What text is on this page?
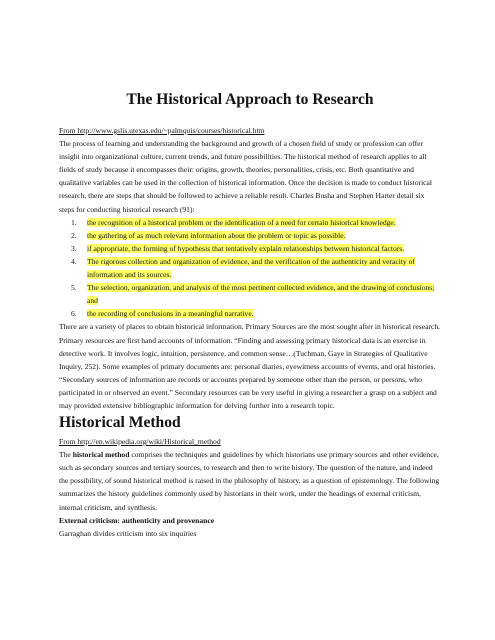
The Historical Approach to Research

From http://www.gslis.utexas.edu/~palmquis/courses/historical.htm

The process of learning and understanding the background and growth of a chosen field of study or profession can offer insight into organizational culture, current trends, and future possibilities. The historical method of research applies to all fields of study because it encompasses their: origins, growth, theories, personalities, crisis, etc. Both quantitative and qualitative variables can be used in the collection of historical information. Once the decision is made to conduct historical research, there are steps that should be followed to achieve a reliable result. Charles Busha and Stephen Harter detail six steps for conducting historical research (91):

1. the recognition of a historical problem or the identification of a need for certain historical knowledge.
2. the gathering of as much relevant information about the problem or topic as possible.
3. if appropriate, the forming of hypothesis that tentatively explain relationships between historical factors.
4. The rigorous collection and organization of evidence, and the verification of the authenticity and veracity of information and its sources.
5. The selection, organization, and analysis of the most pertinent collected evidence, and the drawing of conclusions; and
6. the recording of conclusions in a meaningful narrative.

There are a variety of places to obtain historical information. Primary Sources are the most sought after in historical research. Primary resources are first hand accounts of information. “Finding and assessing primary historical data is an exercise in detective work. It involves logic, intuition, persistence, and common sense…(Tuchman, Gaye in Strategies of Qualitative Inquiry, 252). Some examples of primary documents are: personal diaries, eyewitness accounts of events, and oral histories. “Secondary sources of information are records or accounts prepared by someone other than the person, or persons, who participated in or observed an event.” Secondary resources can be very useful in giving a researcher a grasp on a subject and may provided extensive bibliographic information for delving further into a research topic.

Historical Method

From http://en.wikipedia.org/wiki/Historical_method

The historical method comprises the techniques and guidelines by which historians use primary sources and other evidence, such as secondary sources and tertiary sources, to research and then to write history. The question of the nature, and indeed the possibility, of sound historical method is raised in the philosophy of history, as a question of epistemology. The following summarizes the history guidelines commonly used by historians in their work, under the headings of external criticism, internal criticism, and synthesis.

External criticism: authenticity and provenance

Garraghan divides criticism into six inquiries
